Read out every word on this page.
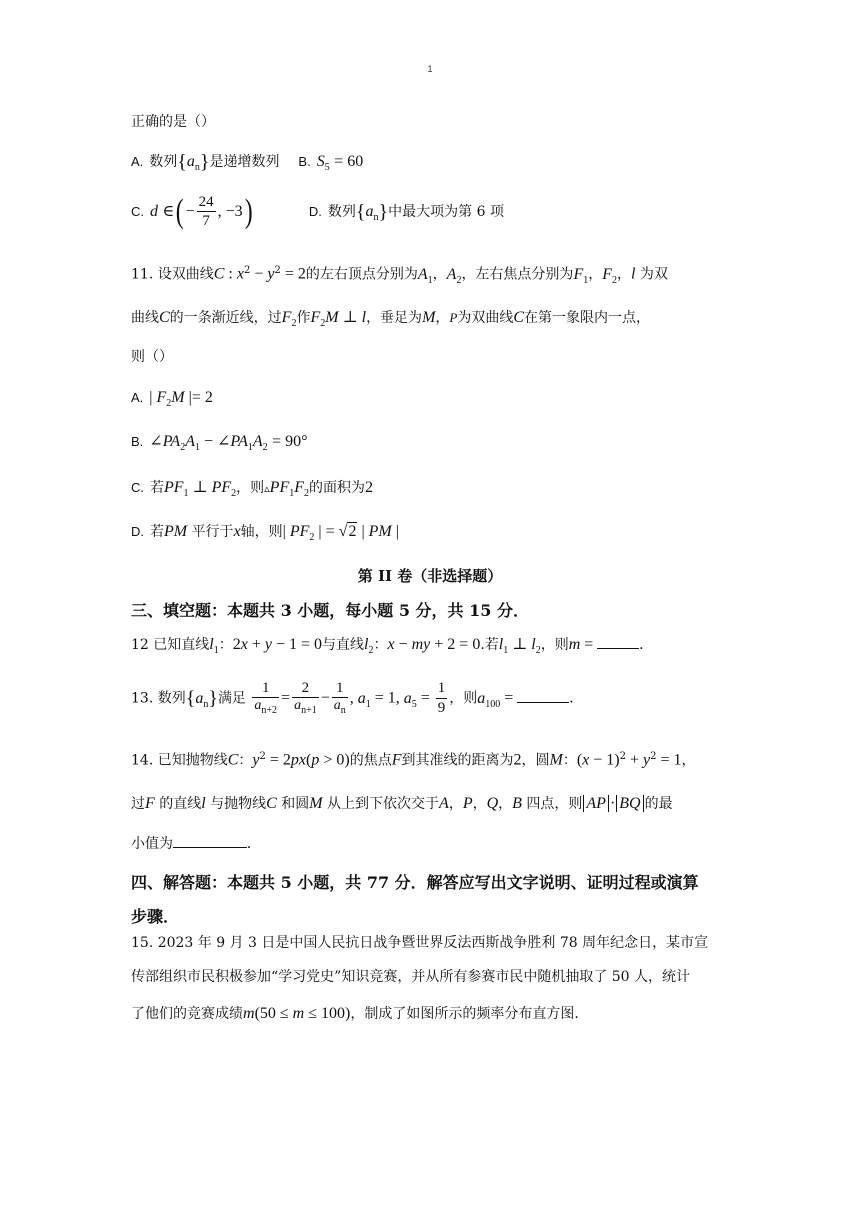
1
正确的是（）
A. 数列$\{a_n\}$是递增数列 B. $S_5 = 60$
C. d ∈( − $\frac{24}{7}$ , −3)	D. 数列$\{a_n\}$中最大项为第 6 项
11. 设双曲线C : $x^2 - y^2 = 2$的左右顶点分别为$A_1$，$A_2$，左右焦点分别为$F_1$，$F_2$，l 为双
曲线C的一条渐近线，过$F_2$作$F_2M$ ⊥ l，垂足为M，P为双曲线C在第一象限内一点，
则（）
A. | $F_2M$ |= 2
B. $\angle PA_2A_1$ − $\angle PA_1A_2 = 90^\circ$
C. 若$PF_1$ ⊥ $PF_2$，则$▵PF_1F_2$的面积为2
D. 若PM 平行于x轴，则| $PF_2$ | = √2 | PM |
第 II 卷（非选择题）
三、填空题：本题共 3 小题，每小题 5 分，共 15 分．
12 已知直线$l_1$：2x + y − 1 = 0与直线$l_2$：x − my + 2 = 0.若$l_1$ ⊥ $l_2$，则m =	.
13. 数列$\{a_n\}$满足 $\frac{1}{a_{n+2}} = \frac{2}{a_{n+1}} - \frac{1}{a_n}$ , $a_1 = 1$, $a_5 = \frac{1}{9}$ ，则$a_{100}$ =	.
14. 已知抛物线C：$y^2 = 2px(p > 0)$的焦点F到其准线的距离为2，圆M：$(x - 1)^2 + y^2 = 1$，
过F 的直线l 与抛物线C 和圆M 从上到下依次交于A，P，Q，B 四点，则 AP · BQ 的最
小值为	.
四、解答题：本题共 5 小题，共 77 分．解答应写出文字说明、证明过程或演算
步骤．
15. 2023 年 9 月 3 日是中国人民抗日战争暨世界反法西斯战争胜利 78 周年纪念日，某市宣
传部组织市民积极参加“学习党史”知识竞赛，并从所有参赛市民中随机抽取了 50 人，统计
了他们的竞赛成绩m(50 ≤ m ≤ 100)，制成了如图所示的频率分布直方图.
